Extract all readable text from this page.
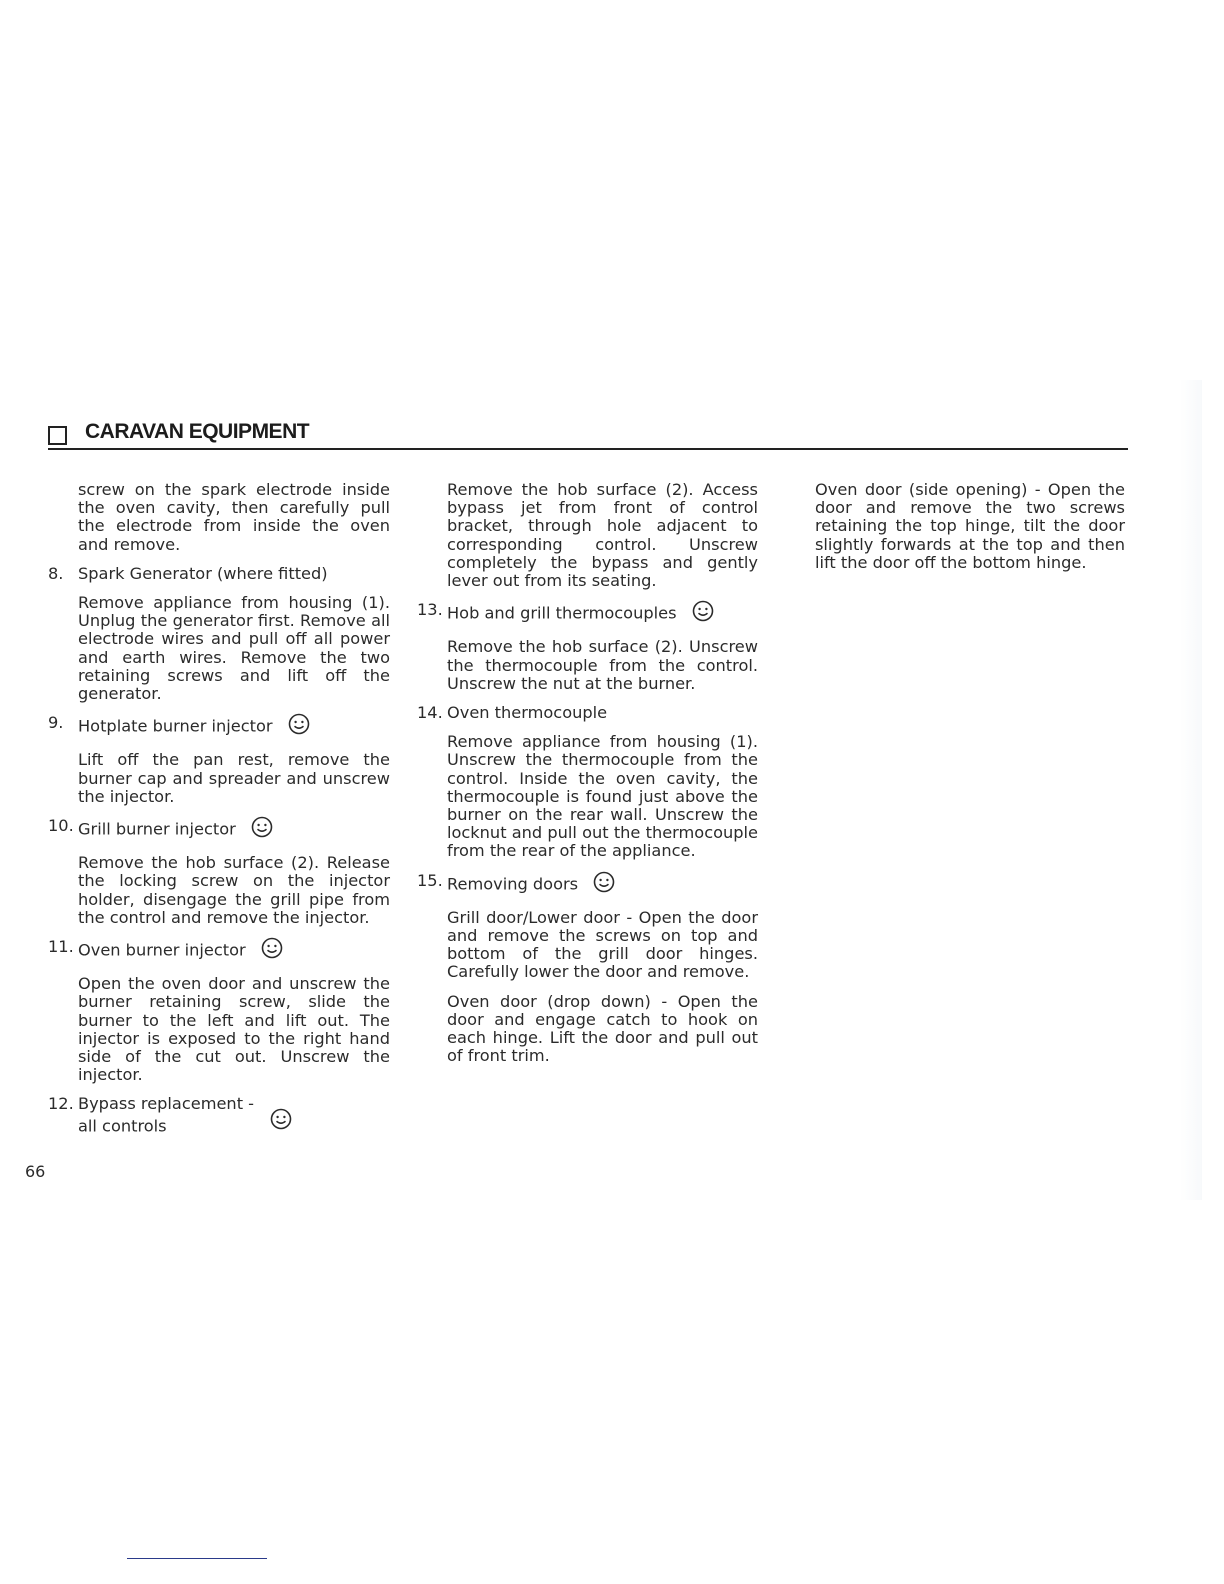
CARAVAN EQUIPMENT

screw on the spark electrode inside the oven cavity, then carefully pull the electrode from inside the oven and remove.

8. Spark Generator (where fitted)

Remove appliance from housing (1). Unplug the generator first. Remove all electrode wires and pull off all power and earth wires. Remove the two retaining screws and lift off the generator.

9. Hotplate burner injector

Lift off the pan rest, remove the burner cap and spreader and unscrew the injector.

10. Grill burner injector

Remove the hob surface (2). Release the locking screw on the injector holder, disengage the grill pipe from the control and remove the injector.

11. Oven burner injector

Open the oven door and unscrew the burner retaining screw, slide the burner to the left and lift out. The injector is exposed to the right hand side of the cut out. Unscrew the injector.

12. Bypass replacement -
all controls

Remove the hob surface (2). Access bypass jet from front of control bracket, through hole adjacent to corresponding control. Unscrew completely the bypass and gently lever out from its seating.

13. Hob and grill thermocouples

Remove the hob surface (2). Unscrew the thermocouple from the control. Unscrew the nut at the burner.

14. Oven thermocouple

Remove appliance from housing (1). Unscrew the thermocouple from the control. Inside the oven cavity, the thermocouple is found just above the burner on the rear wall. Unscrew the locknut and pull out the thermocouple from the rear of the appliance.

15. Removing doors

Grill door/Lower door - Open the door and remove the screws on top and bottom of the grill door hinges. Carefully lower the door and remove.

Oven door (drop down) - Open the door and engage catch to hook on each hinge. Lift the door and pull out of front trim.

Oven door (side opening) - Open the door and remove the two screws retaining the top hinge, tilt the door slightly forwards at the top and then lift the door off the bottom hinge.

66
